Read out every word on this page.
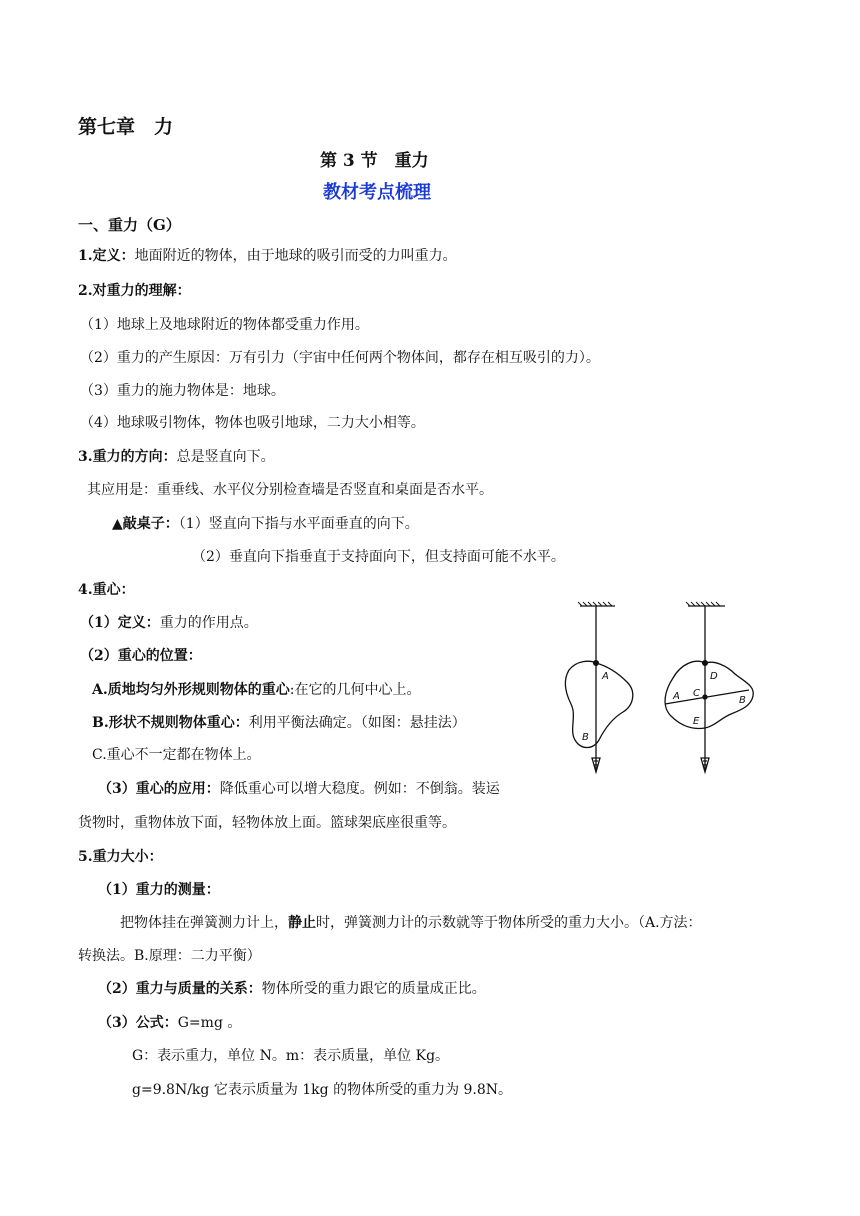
第七章　力
第 3 节　重力
教材考点梳理
一、重力（G）
1.定义：地面附近的物体，由于地球的吸引而受的力叫重力。
2.对重力的理解：
（1）地球上及地球附近的物体都受重力作用。
（2）重力的产生原因：万有引力（宇宙中任何两个物体间，都存在相互吸引的力）。
（3）重力的施力物体是：地球。
（4）地球吸引物体，物体也吸引地球，二力大小相等。
3.重力的方向：总是竖直向下。
其应用是：重垂线、水平仪分别检查墙是否竖直和桌面是否水平。
▲敲桌子：（1）竖直向下指与水平面垂直的向下。
（2）垂直向下指垂直于支持面向下，但支持面可能不水平。
4.重心：
（1）定义：重力的作用点。
（2）重心的位置：
A.质地均匀外形规则物体的重心:在它的几何中心上。
B.形状不规则物体重心：利用平衡法确定。（如图：悬挂法）
C.重心不一定都在物体上。
（3）重心的应用：降低重心可以增大稳度。例如：不倒翁。装运
货物时，重物体放下面，轻物体放上面。篮球架底座很重等。
5.重力大小：
（1）重力的测量：
把物体挂在弹簧测力计上，静止时，弹簧测力计的示数就等于物体所受的重力大小。（A.方法：
转换法。B.原理：二力平衡）
（2）重力与质量的关系：物体所受的重力跟它的质量成正比。
（3）公式：G=mg 。
G：表示重力，单位 N。m：表示质量，单位 Kg。
g=9.8N/kg 它表示质量为 1kg 的物体所受的重力为 9.8N。
A
B
D
A C
B
E
